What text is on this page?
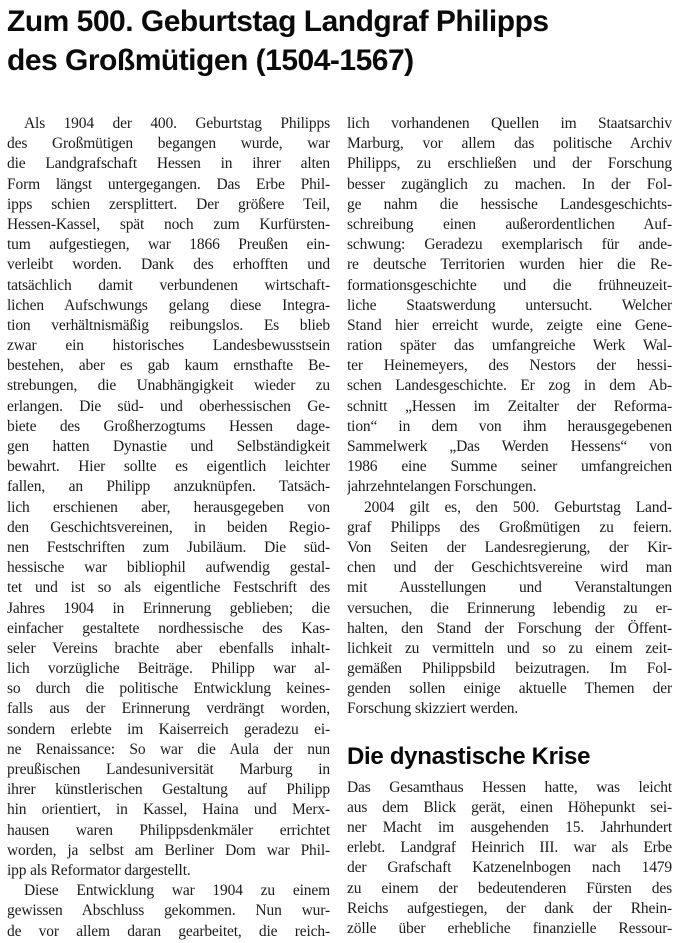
Zum 500. Geburtstag Landgraf Philipps
des Großmütigen (1504-1567)
Als 1904 der 400. Geburtstag Philipps
des Großmütigen begangen wurde, war
die Landgrafschaft Hessen in ihrer alten
Form längst untergegangen. Das Erbe Phil-
ipps schien zersplittert. Der größere Teil,
Hessen-Kassel, spät noch zum Kurfürsten-
tum aufgestiegen, war 1866 Preußen ein-
verleibt worden. Dank des erhofften und
tatsächlich damit verbundenen wirtschaft-
lichen Aufschwungs gelang diese Integra-
tion verhältnismäßig reibungslos. Es blieb
zwar ein historisches Landesbewusstsein
bestehen, aber es gab kaum ernsthafte Be-
strebungen, die Unabhängigkeit wieder zu
erlangen. Die süd- und oberhessischen Ge-
biete des Großherzogtums Hessen dage-
gen hatten Dynastie und Selbständigkeit
bewahrt. Hier sollte es eigentlich leichter
fallen, an Philipp anzuknüpfen. Tatsäch-
lich erschienen aber, herausgegeben von
den Geschichtsvereinen, in beiden Regio-
nen Festschriften zum Jubiläum. Die süd-
hessische war bibliophil aufwendig gestal-
tet und ist so als eigentliche Festschrift des
Jahres 1904 in Erinnerung geblieben; die
einfacher gestaltete nordhessische des Kas-
seler Vereins brachte aber ebenfalls inhalt-
lich vorzügliche Beiträge. Philipp war al-
so durch die politische Entwicklung keines-
falls aus der Erinnerung verdrängt worden,
sondern erlebte im Kaiserreich geradezu ei-
ne Renaissance: So war die Aula der nun
preußischen Landesuniversität Marburg in
ihrer künstlerischen Gestaltung auf Philipp
hin orientiert, in Kassel, Haina und Merx-
hausen waren Philippsdenkmäler errichtet
worden, ja selbst am Berliner Dom war Phil-
ipp als Reformator dargestellt.
Diese Entwicklung war 1904 zu einem
gewissen Abschluss gekommen. Nun wur-
de vor allem daran gearbeitet, die reich-
lich vorhandenen Quellen im Staatsarchiv
Marburg, vor allem das politische Archiv
Philipps, zu erschließen und der Forschung
besser zugänglich zu machen. In der Fol-
ge nahm die hessische Landesgeschichts-
schreibung einen außerordentlichen Auf-
schwung: Geradezu exemplarisch für ande-
re deutsche Territorien wurden hier die Re-
formationsgeschichte und die frühneuzeit-
liche Staatswerdung untersucht. Welcher
Stand hier erreicht wurde, zeigte eine Gene-
ration später das umfangreiche Werk Wal-
ter Heinemeyers, des Nestors der hessi-
schen Landesgeschichte. Er zog in dem Ab-
schnitt „Hessen im Zeitalter der Reforma-
tion“ in dem von ihm herausgegebenen
Sammelwerk „Das Werden Hessens“ von
1986 eine Summe seiner umfangreichen
jahrzehntelangen Forschungen.
2004 gilt es, den 500. Geburtstag Land-
graf Philipps des Großmütigen zu feiern.
Von Seiten der Landesregierung, der Kir-
chen und der Geschichtsvereine wird man
mit Ausstellungen und Veranstaltungen
versuchen, die Erinnerung lebendig zu er-
halten, den Stand der Forschung der Öffent-
lichkeit zu vermitteln und so zu einem zeit-
gemäßen Philippsbild beizutragen. Im Fol-
genden sollen einige aktuelle Themen der
Forschung skizziert werden.
Die dynastische Krise
Das Gesamthaus Hessen hatte, was leicht
aus dem Blick gerät, einen Höhepunkt sei-
ner Macht im ausgehenden 15. Jahrhundert
erlebt. Landgraf Heinrich III. war als Erbe
der Grafschaft Katzenelnbogen nach 1479
zu einem der bedeutenderen Fürsten des
Reichs aufgestiegen, der dank der Rhein-
zölle über erhebliche finanzielle Ressour-
